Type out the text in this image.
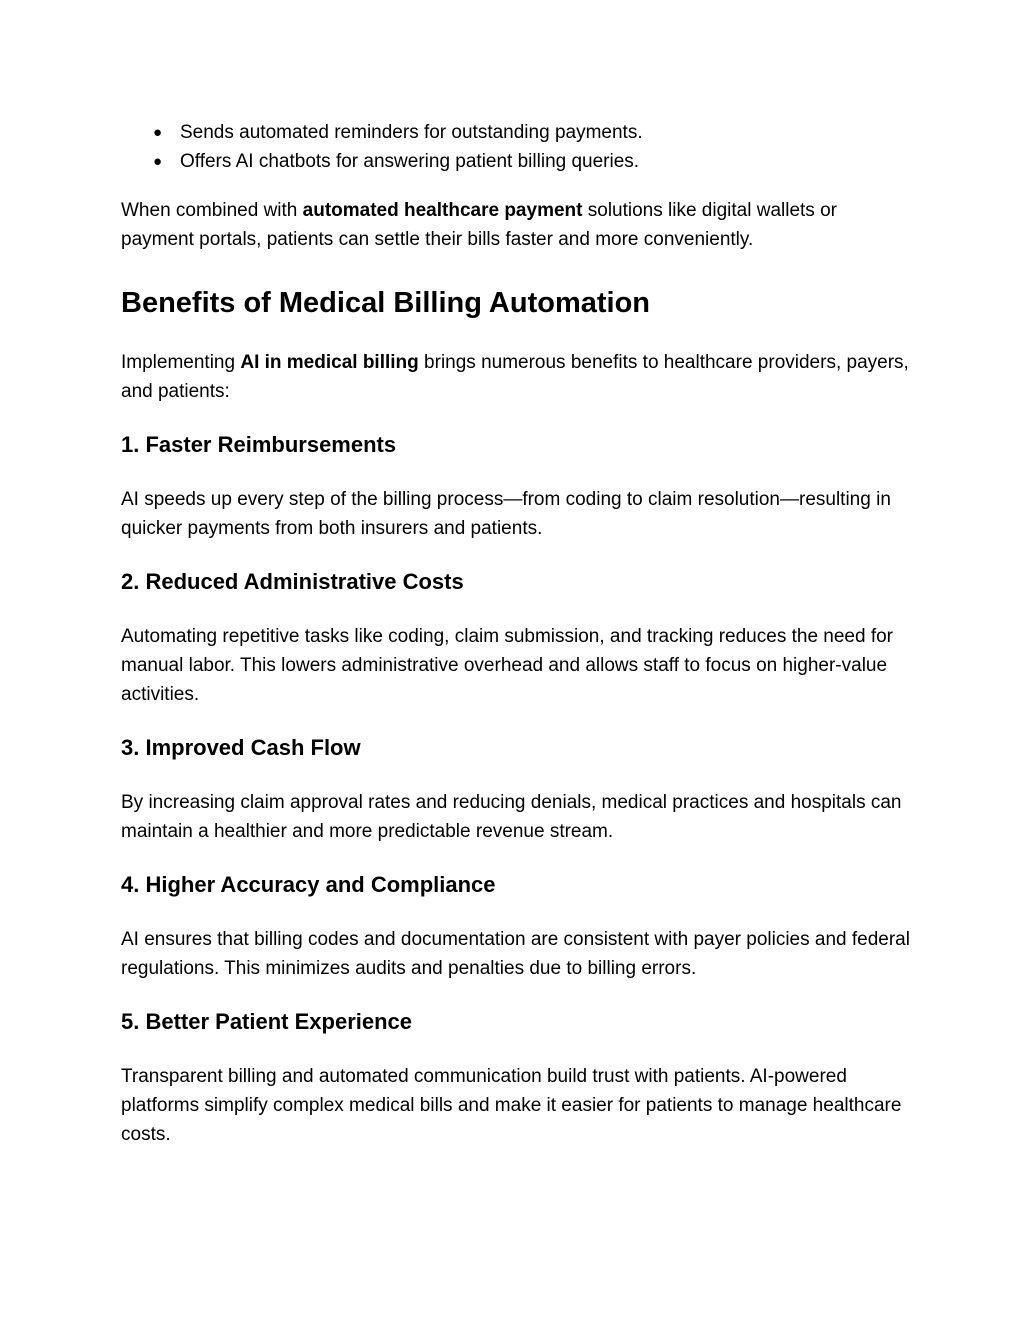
● Sends automated reminders for outstanding payments.
● Offers AI chatbots for answering patient billing queries.

When combined with automated healthcare payment solutions like digital wallets or payment portals, patients can settle their bills faster and more conveniently.

Benefits of Medical Billing Automation

Implementing AI in medical billing brings numerous benefits to healthcare providers, payers, and patients:

1. Faster Reimbursements

AI speeds up every step of the billing process—from coding to claim resolution—resulting in quicker payments from both insurers and patients.

2. Reduced Administrative Costs

Automating repetitive tasks like coding, claim submission, and tracking reduces the need for manual labor. This lowers administrative overhead and allows staff to focus on higher-value activities.

3. Improved Cash Flow

By increasing claim approval rates and reducing denials, medical practices and hospitals can maintain a healthier and more predictable revenue stream.

4. Higher Accuracy and Compliance

AI ensures that billing codes and documentation are consistent with payer policies and federal regulations. This minimizes audits and penalties due to billing errors.

5. Better Patient Experience

Transparent billing and automated communication build trust with patients. AI-powered platforms simplify complex medical bills and make it easier for patients to manage healthcare costs.
